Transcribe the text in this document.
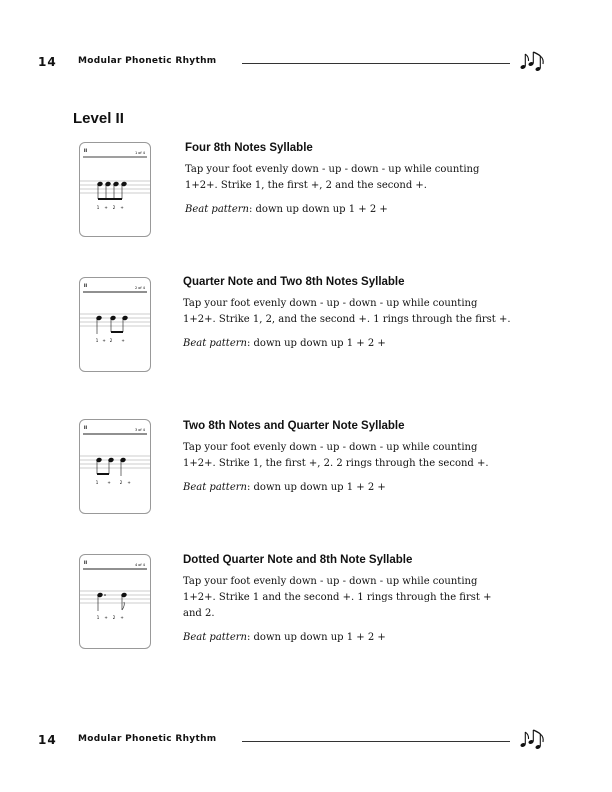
14 Modular Phonetic Rhythm
Level II
II	1 of 4
1 + 2 +
II	2 of 4
1 + 2 +
II	3 of 4
1 + 2 +
II	4 of 4
1 + 2 +
Four 8th Notes Syllable

Tap your foot evenly down - up - down - up while counting 1+2+. Strike 1, the first +, 2 and the second +.

Beat pattern: down up down up 1 + 2 +

Quarter Note and Two 8th Notes Syllable

Tap your foot evenly down - up - down - up while counting 1+2+. Strike 1, 2, and the second +. 1 rings through the first +.

Beat pattern: down up down up 1 + 2 +

Two 8th Notes and Quarter Note Syllable

Tap your foot evenly down - up - down - up while counting 1+2+. Strike 1, the first +, 2. 2 rings through the second +.

Beat pattern: down up down up 1 + 2 +

Dotted Quarter Note and 8th Note Syllable

Tap your foot evenly down - up - down - up while counting 1+2+. Strike 1 and the second +. 1 rings through the first + and 2.

Beat pattern: down up down up 1 + 2 +

14 Modular Phonetic Rhythm
